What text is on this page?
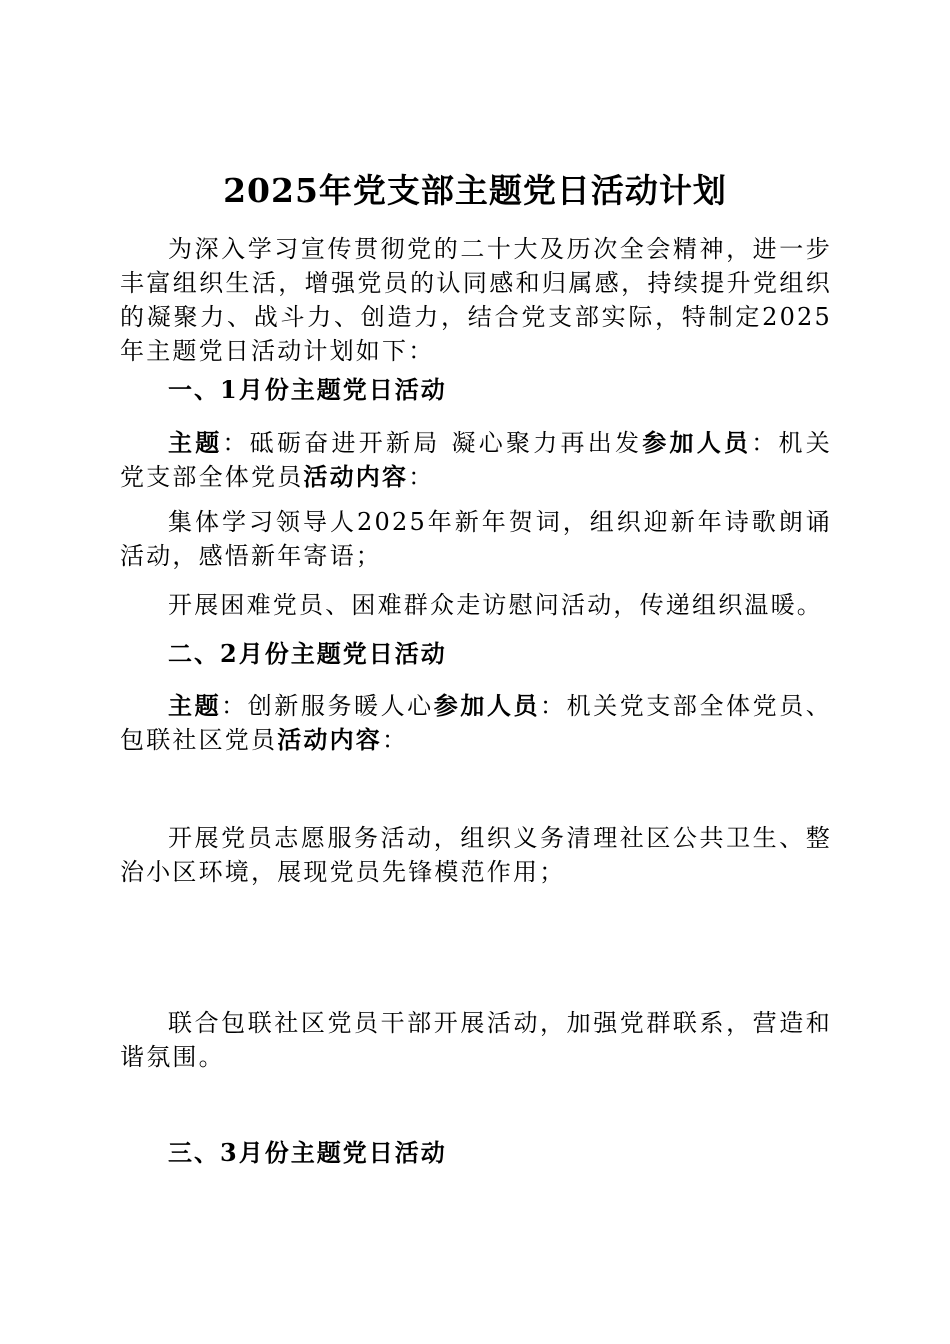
2025年党支部主题党日活动计划

为深入学习宣传贯彻党的二十大及历次全会精神，进一步丰富组织生活，增强党员的认同感和归属感，持续提升党组织的凝聚力、战斗力、创造力，结合党支部实际，特制定2025年主题党日活动计划如下：

一、1月份主题党日活动

主题：砥砺奋进开新局 凝心聚力再出发参加人员：机关党支部全体党员活动内容：

集体学习领导人2025年新年贺词，组织迎新年诗歌朗诵活动，感悟新年寄语；

开展困难党员、困难群众走访慰问活动，传递组织温暖。

二、2月份主题党日活动

主题：创新服务暖人心参加人员：机关党支部全体党员、包联社区党员活动内容：

开展党员志愿服务活动，组织义务清理社区公共卫生、整治小区环境，展现党员先锋模范作用；

联合包联社区党员干部开展活动，加强党群联系，营造和谐氛围。

三、3月份主题党日活动
